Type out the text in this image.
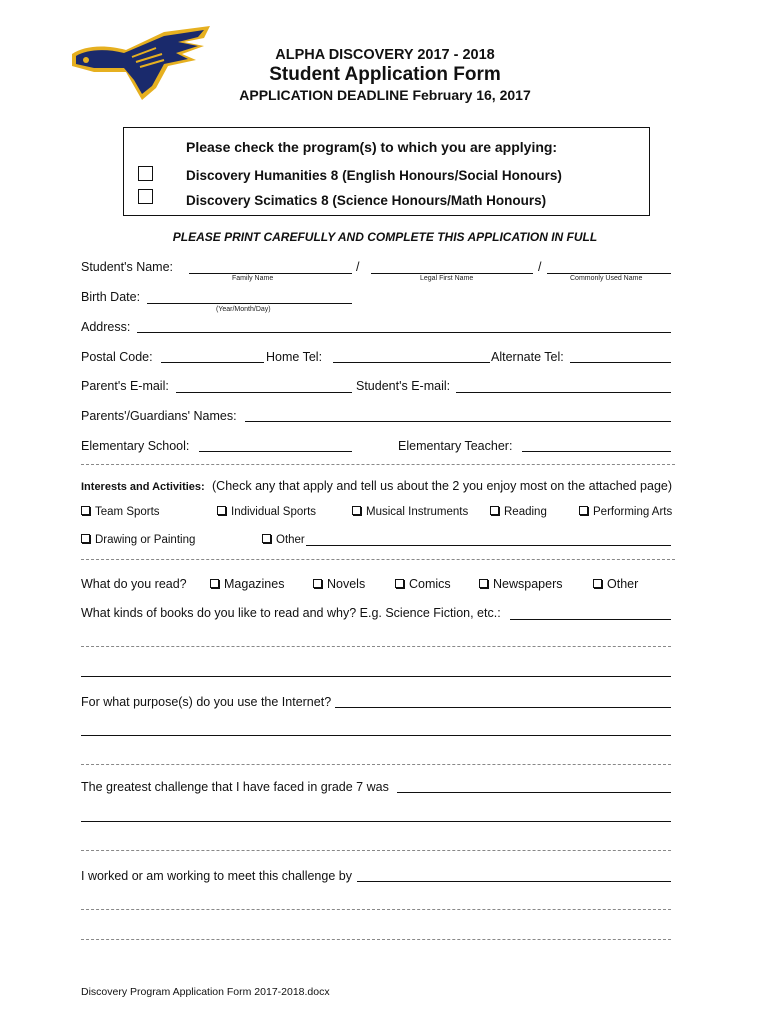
ALPHA DISCOVERY 2017 - 2018
Student Application Form
APPLICATION DEADLINE February 16, 2017
Please check the program(s) to which you are applying:
Discovery Humanities 8 (English Honours/Social Honours)
Discovery Scimatics 8 (Science Honours/Math Honours)
PLEASE PRINT CAREFULLY AND COMPLETE THIS APPLICATION IN FULL
Student's Name:	/	/
Family Name	Legal First Name	Commonly Used Name
Birth Date:
(Year/Month/Day)
Address:
Postal Code:	Home Tel:	Alternate Tel:
Parent's E-mail:	Student's E-mail:
Parents'/Guardians' Names:
Elementary School:	Elementary Teacher:
Interests and Activities: (Check any that apply and tell us about the 2 you enjoy most on the attached page)
Team Sports	Individual Sports	Musical Instruments	Reading	Performing Arts
Drawing or Painting	Other
What do you read?	Magazines	Novels	Comics	Newspapers	Other
What kinds of books do you like to read and why? E.g. Science Fiction, etc.:
For what purpose(s) do you use the Internet?
The greatest challenge that I have faced in grade 7 was
I worked or am working to meet this challenge by
Discovery Program Application Form 2017-2018.docx
